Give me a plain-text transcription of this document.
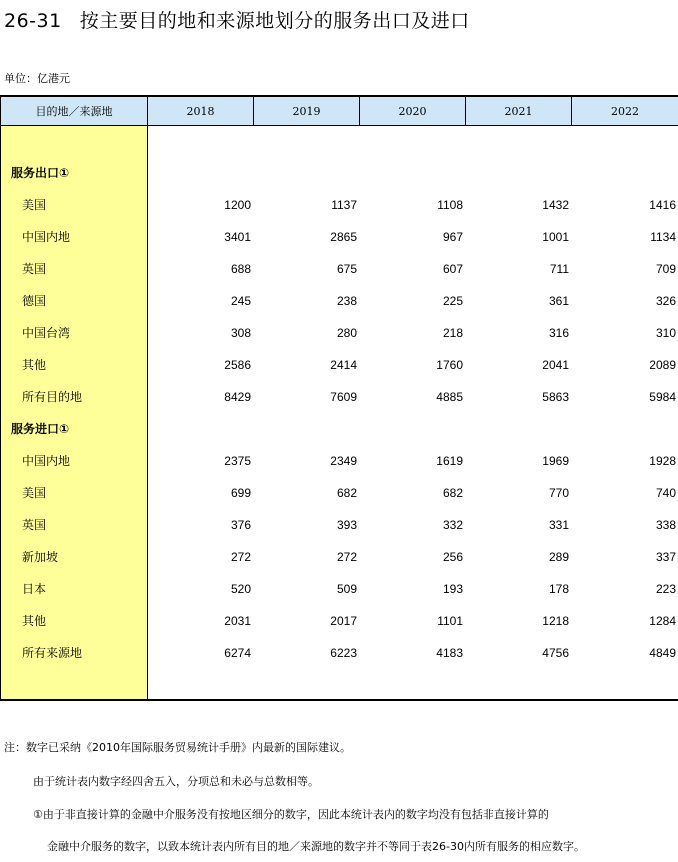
26-31 按主要目的地和来源地划分的服务出口及进口
单位：亿港元
目的地／来源地	2018	2019	2020	2021	2022
服务出口①
美国	1200	1137	1108	1432	1416
中国内地	3401	2865	967	1001	1134
英国	688	675	607	711	709
德国	245	238	225	361	326
中国台湾	308	280	218	316	310
其他	2586	2414	1760	2041	2089
所有目的地	8429	7609	4885	5863	5984
服务进口①
中国内地	2375	2349	1619	1969	1928
美国	699	682	682	770	740
英国	376	393	332	331	338
新加坡	272	272	256	289	337
日本	520	509	193	178	223
其他	2031	2017	1101	1218	1284
所有来源地	6274	6223	4183	4756	4849
注：数字已采纳《2010年国际服务贸易统计手册》内最新的国际建议。
由于统计表内数字经四舍五入，分项总和未必与总数相等。
①由于非直接计算的金融中介服务没有按地区细分的数字，因此本统计表内的数字均没有包括非直接计算的
金融中介服务的数字，以致本统计表内所有目的地／来源地的数字并不等同于表26-30内所有服务的相应数字。
